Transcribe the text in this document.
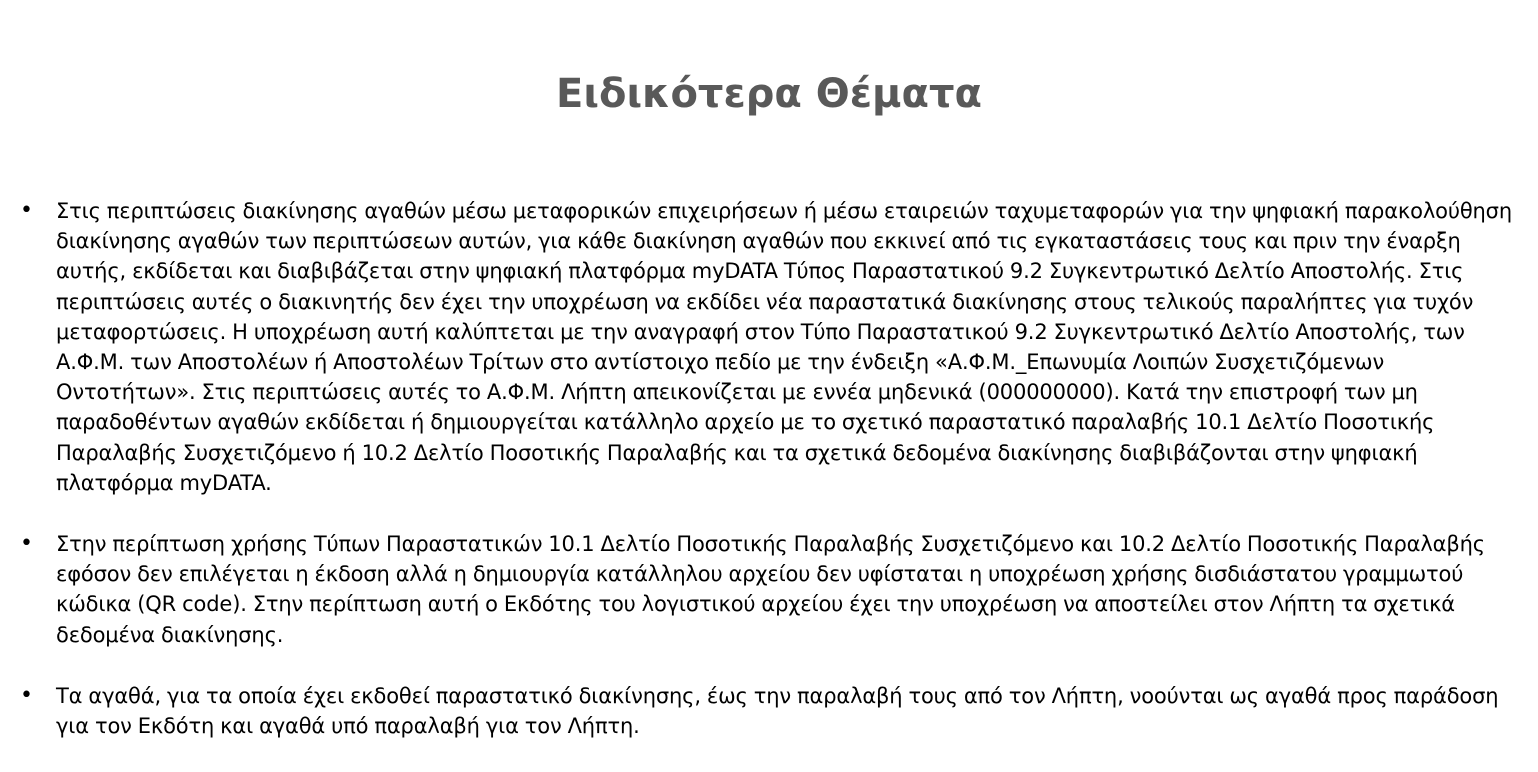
Ειδικότερα Θέματα
• Στις περιπτώσεις διακίνησης αγαθών μέσω μεταφορικών επιχειρήσεων ή μέσω εταιρειών ταχυμεταφορών για την ψηφιακή παρακολούθηση διακίνησης αγαθών των περιπτώσεων αυτών, για κάθε διακίνηση αγαθών που εκκινεί από τις εγκαταστάσεις τους και πριν την έναρξη αυτής, εκδίδεται και διαβιβάζεται στην ψηφιακή πλατφόρμα myDATA Τύπος Παραστατικού 9.2 Συγκεντρωτικό Δελτίο Αποστολής. Στις περιπτώσεις αυτές ο διακινητής δεν έχει την υποχρέωση να εκδίδει νέα παραστατικά διακίνησης στους τελικούς παραλήπτες για τυχόν μεταφορτώσεις. Η υποχρέωση αυτή καλύπτεται με την αναγραφή στον Τύπο Παραστατικού 9.2 Συγκεντρωτικό Δελτίο Αποστολής, των Α.Φ.Μ. των Αποστολέων ή Αποστολέων Τρίτων στο αντίστοιχο πεδίο με την ένδειξη «Α.Φ.Μ._Επωνυμία Λοιπών Συσχετιζόμενων Οντοτήτων». Στις περιπτώσεις αυτές το Α.Φ.Μ. Λήπτη απεικονίζεται με εννέα μηδενικά (000000000). Κατά την επιστροφή των μη παραδοθέντων αγαθών εκδίδεται ή δημιουργείται κατάλληλο αρχείο με το σχετικό παραστατικό παραλαβής 10.1 Δελτίο Ποσοτικής Παραλαβής Συσχετιζόμενο ή 10.2 Δελτίο Ποσοτικής Παραλαβής και τα σχετικά δεδομένα διακίνησης διαβιβάζονται στην ψηφιακή πλατφόρμα myDATA.
• Στην περίπτωση χρήσης Τύπων Παραστατικών 10.1 Δελτίο Ποσοτικής Παραλαβής Συσχετιζόμενο και 10.2 Δελτίο Ποσοτικής Παραλαβής εφόσον δεν επιλέγεται η έκδοση αλλά η δημιουργία κατάλληλου αρχείου δεν υφίσταται η υποχρέωση χρήσης δισδιάστατου γραμμωτού κώδικα (QR code). Στην περίπτωση αυτή ο Εκδότης του λογιστικού αρχείου έχει την υποχρέωση να αποστείλει στον Λήπτη τα σχετικά δεδομένα διακίνησης.
• Τα αγαθά, για τα οποία έχει εκδοθεί παραστατικό διακίνησης, έως την παραλαβή τους από τον Λήπτη, νοούνται ως αγαθά προς παράδοση για τον Εκδότη και αγαθά υπό παραλαβή για τον Λήπτη.
